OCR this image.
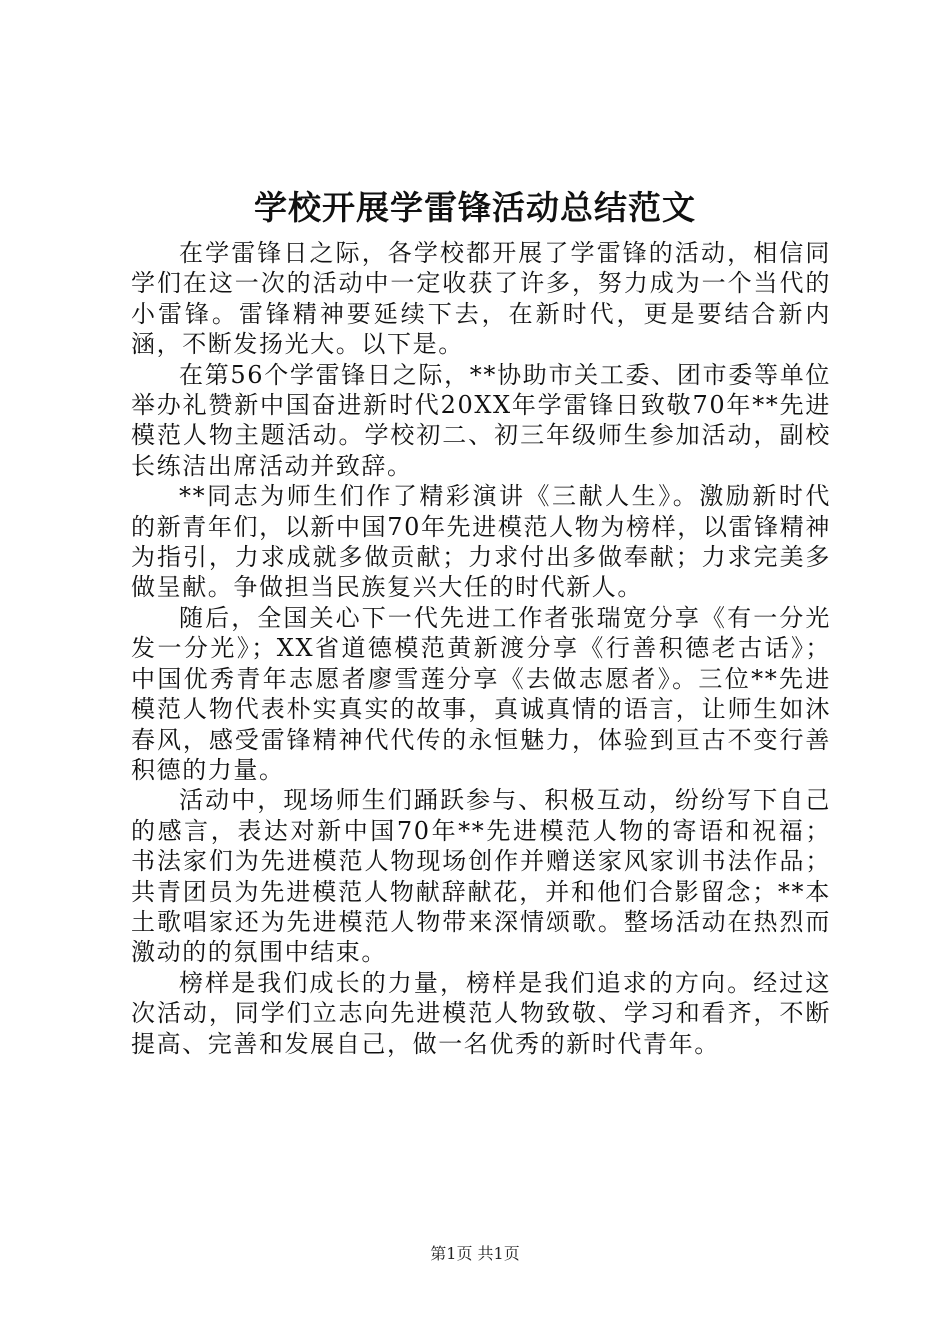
学校开展学雷锋活动总结范文

在学雷锋日之际，各学校都开展了学雷锋的活动，相信同学们在这一次的活动中一定收获了许多，努力成为一个当代的小雷锋。雷锋精神要延续下去，在新时代，更是要结合新内涵，不断发扬光大。以下是。

在第56个学雷锋日之际，**协助市关工委、团市委等单位举办礼赞新中国奋进新时代20XX年学雷锋日致敬70年**先进模范人物主题活动。学校初二、初三年级师生参加活动，副校长练洁出席活动并致辞。

**同志为师生们作了精彩演讲《三献人生》。激励新时代的新青年们，以新中国70年先进模范人物为榜样，以雷锋精神为指引，力求成就多做贡献；力求付出多做奉献；力求完美多做呈献。争做担当民族复兴大任的时代新人。

随后，全国关心下一代先进工作者张瑞宽分享《有一分光发一分光》；XX省道德模范黄新渡分享《行善积德老古话》；中国优秀青年志愿者廖雪莲分享《去做志愿者》。三位**先进模范人物代表朴实真实的故事，真诚真情的语言，让师生如沐春风，感受雷锋精神代代传的永恒魅力，体验到亘古不变行善积德的力量。

活动中，现场师生们踊跃参与、积极互动，纷纷写下自己的感言，表达对新中国70年**先进模范人物的寄语和祝福；书法家们为先进模范人物现场创作并赠送家风家训书法作品；共青团员为先进模范人物献辞献花，并和他们合影留念；**本土歌唱家还为先进模范人物带来深情颂歌。整场活动在热烈而激动的的氛围中结束。

榜样是我们成长的力量，榜样是我们追求的方向。经过这次活动，同学们立志向先进模范人物致敬、学习和看齐，不断提高、完善和发展自己，做一名优秀的新时代青年。

第1页 共1页
